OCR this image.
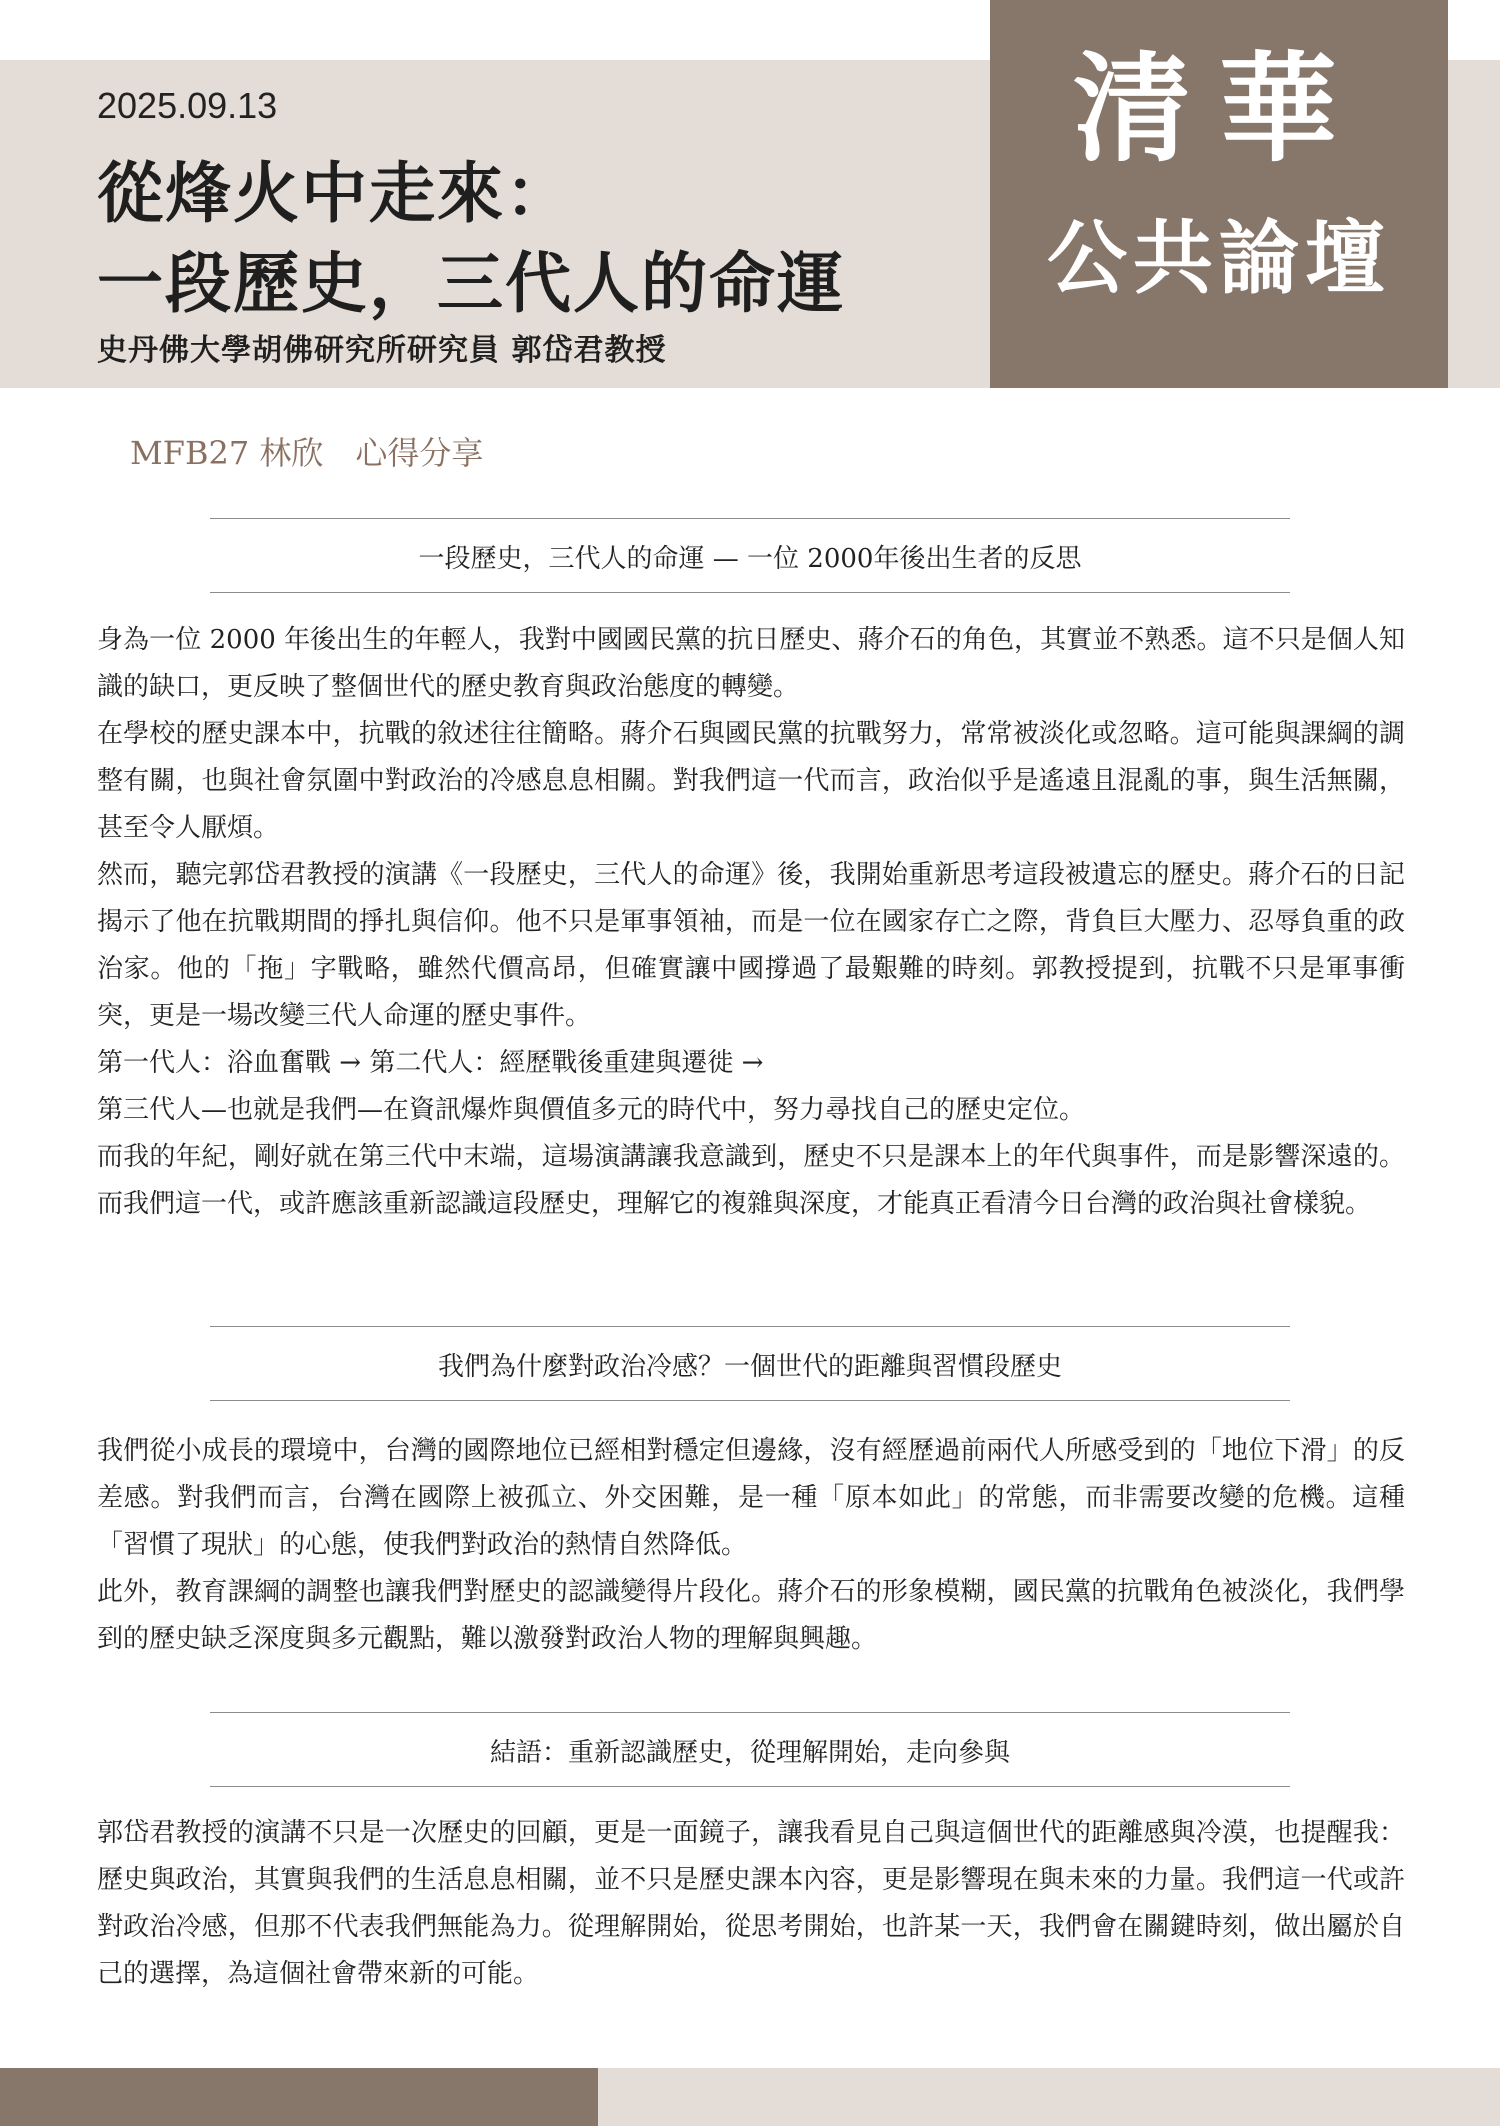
清華
公共論壇
2025.09.13
從烽火中走來：
一段歷史，三代人的命運
史丹佛大學胡佛研究所研究員 郭岱君教授
MFB27 林欣　心得分享
一段歷史，三代人的命運 — 一位 2000年後出生者的反思

身為一位 2000 年後出生的年輕人，我對中國國民黨的抗日歷史、蔣介石的角色，其實並不熟悉。這不只是個人知識的缺口，更反映了整個世代的歷史教育與政治態度的轉變。

在學校的歷史課本中，抗戰的敘述往往簡略。蔣介石與國民黨的抗戰努力，常常被淡化或忽略。這可能與課綱的調整有關，也與社會氛圍中對政治的冷感息息相關。對我們這一代而言，政治似乎是遙遠且混亂的事，與生活無關，甚至令人厭煩。

然而，聽完郭岱君教授的演講《一段歷史，三代人的命運》後，我開始重新思考這段被遺忘的歷史。蔣介石的日記揭示了他在抗戰期間的掙扎與信仰。他不只是軍事領袖，而是一位在國家存亡之際，背負巨大壓力、忍辱負重的政治家。他的「拖」字戰略，雖然代價高昂，但確實讓中國撐過了最艱難的時刻。郭教授提到，抗戰不只是軍事衝突，更是一場改變三代人命運的歷史事件。

第一代人：浴血奮戰 → 第二代人：經歷戰後重建與遷徙 →

第三代人—也就是我們—在資訊爆炸與價值多元的時代中，努力尋找自己的歷史定位。

而我的年紀，剛好就在第三代中末端，這場演講讓我意識到，歷史不只是課本上的年代與事件，而是影響深遠的。而我們這一代，或許應該重新認識這段歷史，理解它的複雜與深度，才能真正看清今日台灣的政治與社會樣貌。

我們為什麼對政治冷感？一個世代的距離與習慣段歷史

我們從小成長的環境中，台灣的國際地位已經相對穩定但邊緣，沒有經歷過前兩代人所感受到的「地位下滑」的反差感。對我們而言，台灣在國際上被孤立、外交困難，是一種「原本如此」的常態，而非需要改變的危機。這種「習慣了現狀」的心態，使我們對政治的熱情自然降低。

此外，教育課綱的調整也讓我們對歷史的認識變得片段化。蔣介石的形象模糊，國民黨的抗戰角色被淡化，我們學到的歷史缺乏深度與多元觀點，難以激發對政治人物的理解與興趣。

結語：重新認識歷史，從理解開始，走向參與

郭岱君教授的演講不只是一次歷史的回顧，更是一面鏡子，讓我看見自己與這個世代的距離感與冷漠，也提醒我：歷史與政治，其實與我們的生活息息相關，並不只是歷史課本內容，更是影響現在與未來的力量。我們這一代或許對政治冷感，但那不代表我們無能為力。從理解開始，從思考開始，也許某一天，我們會在關鍵時刻，做出屬於自己的選擇，為這個社會帶來新的可能。
